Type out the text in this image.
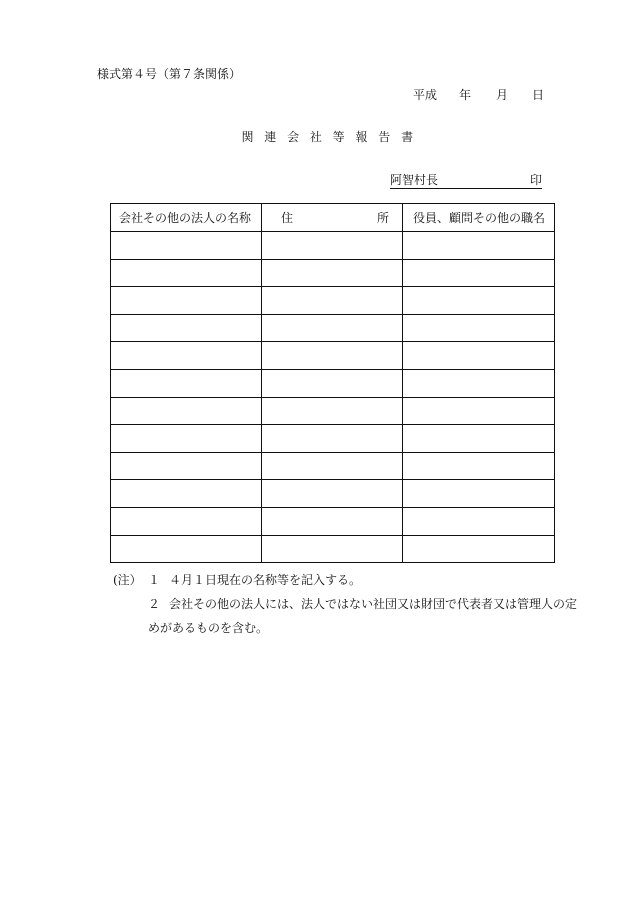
様式第４号（第７条関係）
平成 年 月 日
関　連　会　社　等　報　告　書
阿智村長	印
会社その他の法人の名称	住　　　　　　　所	役員、顧問その他の職名

(注） １ ４月１日現在の名称等を記入する。
２ 会社その他の法人には、法人ではない社団又は財団で代表者又は管理人の定
めがあるものを含む。
